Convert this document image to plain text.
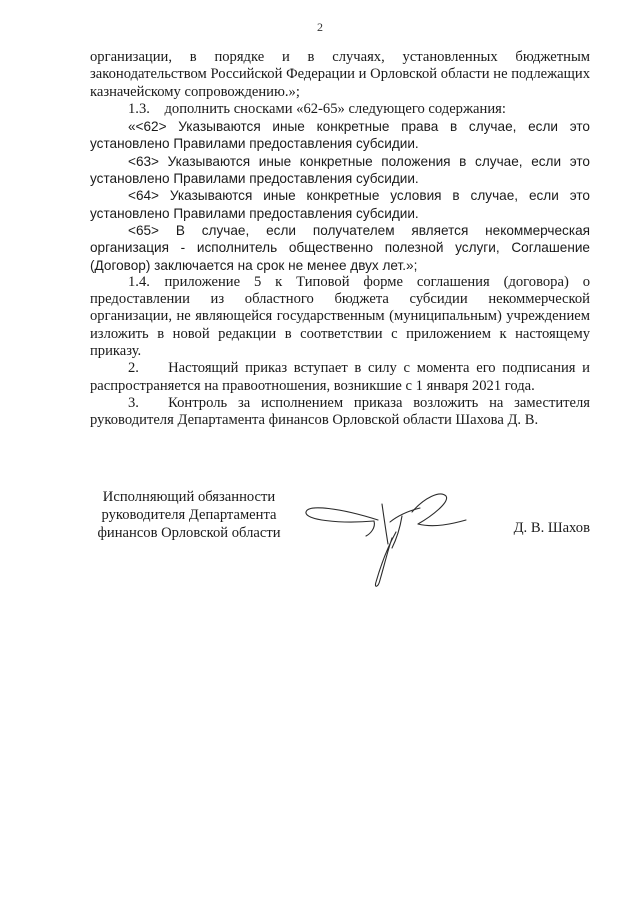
2

организации, в порядке и в случаях, установленных бюджетным законодательством Российской Федерации и Орловской области не подлежащих казначейскому сопровождению.»;

1.3. дополнить сносками «62-65» следующего содержания:

«<62> Указываются иные конкретные права в случае, если это установлено Правилами предоставления субсидии.

<63> Указываются иные конкретные положения в случае, если это установлено Правилами предоставления субсидии.

<64> Указываются иные конкретные условия в случае, если это установлено Правилами предоставления субсидии.

<65> В случае, если получателем является некоммерческая организация - исполнитель общественно полезной услуги, Соглашение (Договор) заключается на срок не менее двух лет.»;

1.4. приложение 5 к Типовой форме соглашения (договора) о предоставлении из областного бюджета субсидии некоммерческой организации, не являющейся государственным (муниципальным) учреждением изложить в новой редакции в соответствии с приложением к настоящему приказу.

2.  Настоящий приказ вступает в силу с момента его подписания и распространяется на правоотношения, возникшие с 1 января 2021 года.

3.  Контроль за исполнением приказа возложить на заместителя руководителя Департамента финансов Орловской области Шахова Д. В.

Исполняющий обязанности
руководителя Департамента
финансов Орловской области	Д. В. Шахов
